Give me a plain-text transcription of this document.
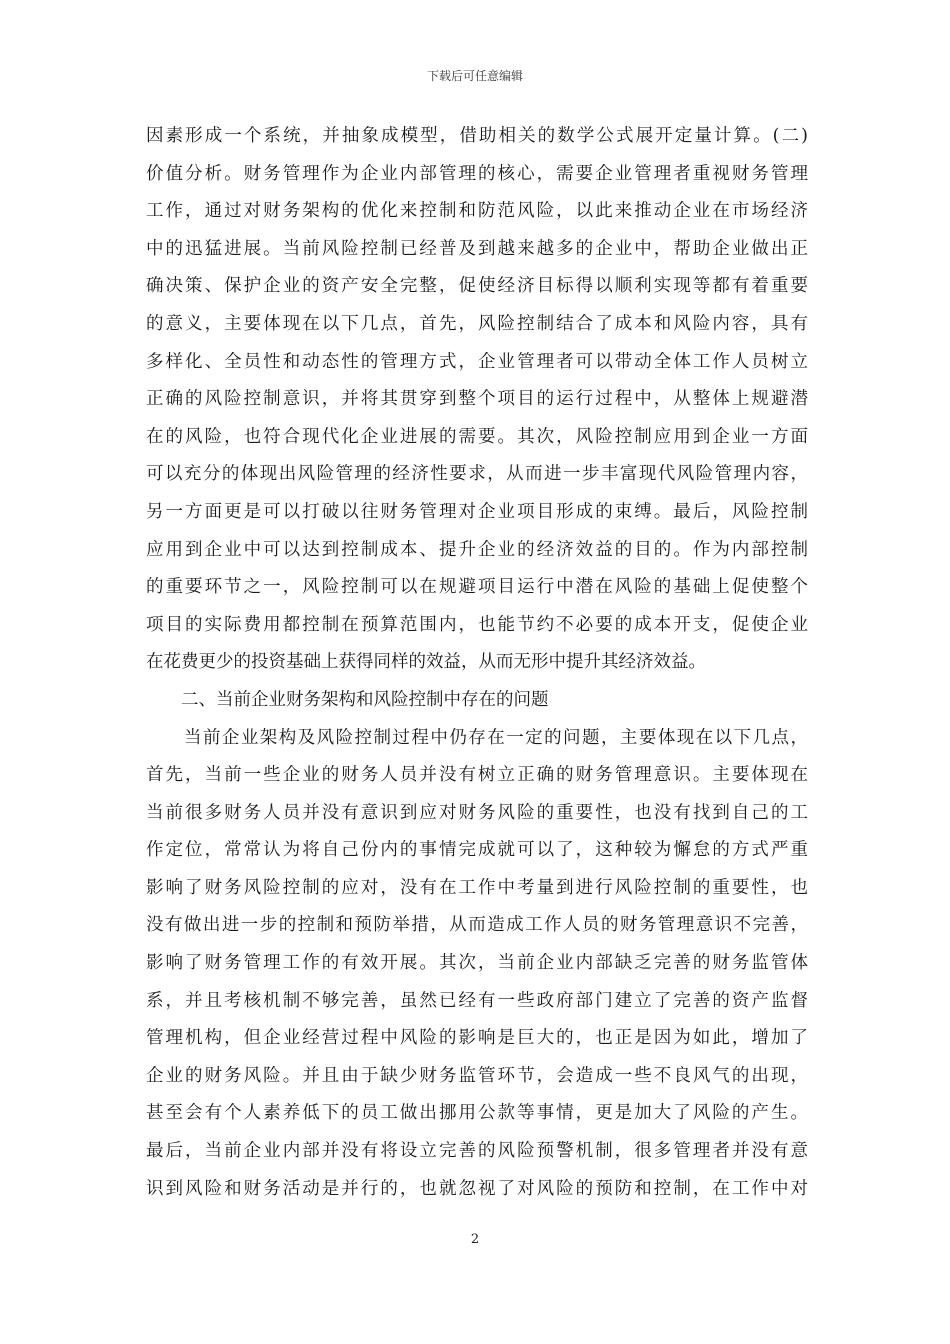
下载后可任意编辑
因素形成一个系统，并抽象成模型，借助相关的数学公式展开定量计算。(二)
价值分析。财务管理作为企业内部管理的核心，需要企业管理者重视财务管理
工作，通过对财务架构的优化来控制和防范风险，以此来推动企业在市场经济
中的迅猛进展。当前风险控制已经普及到越来越多的企业中，帮助企业做出正
确决策、保护企业的资产安全完整，促使经济目标得以顺利实现等都有着重要
的意义，主要体现在以下几点，首先，风险控制结合了成本和风险内容，具有
多样化、全员性和动态性的管理方式，企业管理者可以带动全体工作人员树立
正确的风险控制意识，并将其贯穿到整个项目的运行过程中，从整体上规避潜
在的风险，也符合现代化企业进展的需要。其次，风险控制应用到企业一方面
可以充分的体现出风险管理的经济性要求，从而进一步丰富现代风险管理内容，
另一方面更是可以打破以往财务管理对企业项目形成的束缚。最后，风险控制
应用到企业中可以达到控制成本、提升企业的经济效益的目的。作为内部控制
的重要环节之一，风险控制可以在规避项目运行中潜在风险的基础上促使整个
项目的实际费用都控制在预算范围内，也能节约不必要的成本开支，促使企业
在花费更少的投资基础上获得同样的效益，从而无形中提升其经济效益。
二、当前企业财务架构和风险控制中存在的问题
当前企业架构及风险控制过程中仍存在一定的问题，主要体现在以下几点，
首先，当前一些企业的财务人员并没有树立正确的财务管理意识。主要体现在
当前很多财务人员并没有意识到应对财务风险的重要性，也没有找到自己的工
作定位，常常认为将自己份内的事情完成就可以了，这种较为懈怠的方式严重
影响了财务风险控制的应对，没有在工作中考量到进行风险控制的重要性，也
没有做出进一步的控制和预防举措，从而造成工作人员的财务管理意识不完善，
影响了财务管理工作的有效开展。其次，当前企业内部缺乏完善的财务监管体
系，并且考核机制不够完善，虽然已经有一些政府部门建立了完善的资产监督
管理机构，但企业经营过程中风险的影响是巨大的，也正是因为如此，增加了
企业的财务风险。并且由于缺少财务监管环节，会造成一些不良风气的出现，
甚至会有个人素养低下的员工做出挪用公款等事情，更是加大了风险的产生。
最后，当前企业内部并没有将设立完善的风险预警机制，很多管理者并没有意
识到风险和财务活动是并行的，也就忽视了对风险的预防和控制，在工作中对
2
